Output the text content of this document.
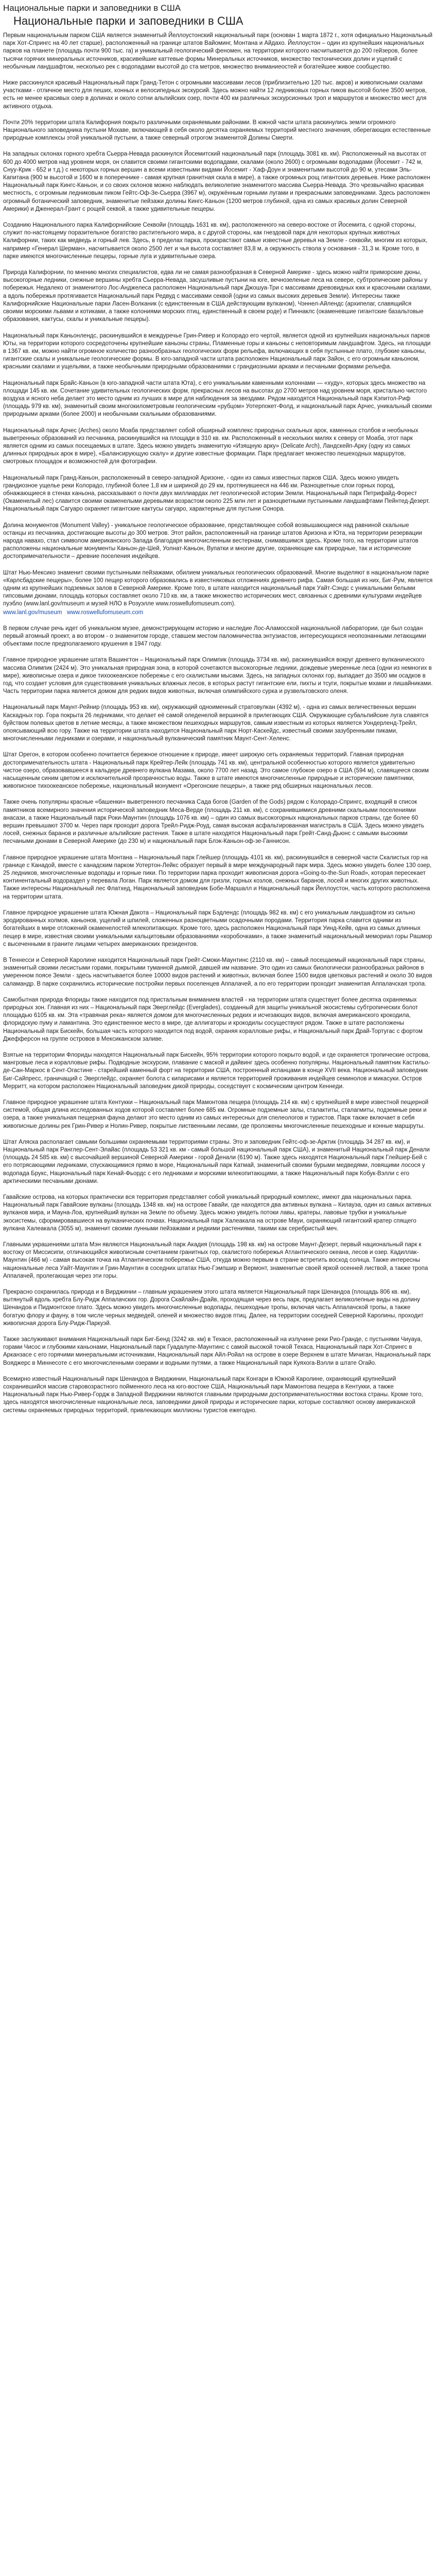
Национальные парки и заповедники в США
Национальные парки и заповедники в США

Первым национальным парком США является знаменитый Йеллоустонский национальный парк (основан 1 марта 1872 г., хотя официально Национальный парк Хот-Спрингс на 40 лет старше), расположенный на границе штатов Вайоминг, Монтана и Айдахо. Йеллоустон – один из крупнейших национальных парков на планете (площадь почти 900 тыс. га) и уникальный геологический феномен, на территории которого насчитывается до 200 гейзеров, более тысячи горячих минеральных источников, красивейшие каттевые формы Минеральных источников, множество тектонических долин и ущелий с необычным ландшафтом, несколько рек с водопадами высотой до ста метров, множество вниманиеостей и богатейшее живое сообщество.

Ниже расскинулся красивый Национальный парк Гранд-Тетон с огромными массивами лесов (приблизительно 120 тыс. акров) и живописными скалами участками - отличное место для пеших, конных и велосипедных экскурсий. Здесь можно найти 12 ледниковых горных пиков высотой более 3500 метров, есть не менее красивых озер в долинах и около сотни альпийских озер, почти 400 км различных экскурсионных троп и маршрутов и множество мест для активного отдыха.

Почти 20% территории штата Калифорния покрыто различными охраняемыми районами. В южной части штата раскинулись земли огромного Национального заповедника пустыни Мохаве, включающей в себя около десятка охраняемых территорий местного значения, оберегающих естественные природные комплексы этой уникальной пустыни, а также северный отрогом знаменитой Долины Смерти.

На западных склонах горного хребта Сьерра-Невада раскинулся Йосемитский национальный парк (площадь 3081 кв. км). Расположенный на высотах от 600 до 4000 метров над уровнем моря, он славится своими гигантскими водопадами, скалами (около 2600) с огромными водопадами (Йосемит - 742 м, Снуу-Крик - 652 и т.д.) с некоторых горных вершин а всеми известными видами Йосемит - Хаф-Доун и знаменитыми высотой до 90 м, утесами Эль-Капитана (900 м высотой и 1600 м в поперечнике - самая крупная гранитная скала в мире), а также огромных рощ гигантских деревьев. Ниже расположен Национальный парк Кингс-Каньон, и со своих склонов можно наблюдать великолепие знаменитого массива Сьерра-Невада. Это чрезвычайно красивая местность, с огромным ледниковым пиком Гейтс-Оф-Зе-Сьерра (3967 м), окружённым горными лугами и прекрасными заповедниками. Здесь расположен огромный ботанический заповедник, знаменитые пейзажи долины Кингс-Каньон (1200 метров глубиной, одна из самых красивых долин Северной Америки) и Дженерал-Грант с рощей секвой, а также удивительные пещеры.

Созданию Национального парка Калифорнийские Секвойи (площадь 1631 кв. км), расположенного на северо-востоке от Йосемита, с одной стороны, служит по-настоящему поразительное богатство растительного мира, а с другой стороны, как гнездовой парк для некоторых крупных животных Калифорнии, таких как медведь и горный лев. Здесь, в пределах парка, произрастают самые известные деревья на Земле - секвойи, многим из которых, например «Генерал Шерман», насчитывается около 2500 лет и чья высота составляет 83,8 м, а окружность ствола у основания - 31,3 м. Кроме того, в парке имеются многочисленные пещеры, горные луга и удивительные озера.

Природа Калифорнии, по мнению многих специалистов, едва ли не самая разнообразная в Северной Америке - здесь можно найти приморские дюны, высокогорные ледники, снежные вершины хребта Сьерра-Невада, засушливые пустыни на юге, вечнозеленые леса на севере, субтропические районы у побережья. Недалеко от знаменитого Лос-Анджелеса расположен Национальный парк Джошуа-Три с массивами древовидных юкк и красочными скалами, а вдоль побережья протягивается Национальный парк Редвуд с массивами секвой (одни из самых высоких деревьев Земли). Интересны также Калифорнийские Национальные парки Ласен-Волканик (с единственным в США действующим вулканом), Чэннел-Айлендс (архипелаг, славящийся своими морскими львами и котиками, а также колониями морских птиц, единственный в своем роде) и Пиннаклс (окаменевшие гигантские базальтовые образования, кактусы, скалы и уникальные пещеры).

Национальный парк Каньонлендс, раскинувшийся в междуречье Грин-Ривер и Колорадо его чертой, является одной из крупнейших национальных парков Юты, на территории которого сосредоточены крупнейшие каньоны страны, Пламенные горы и каньоны с неповторимым ландшафтом. Здесь, на площади в 1367 кв. км, можно найти огромное количество разнообразных геологических форм рельефа, включающих в себя пустынные плато, глубокие каньоны, гигантские скалы и уникальные геологические формы. В юго-западной части штата расположен Национальный парк Зайон, с его огромным каньоном, красными скалами и ущельями, а также необычными природными образованиями с грандиозными арками и песчаными формами рельефа.

Национальный парк Брайс-Каньон (в юго-западной части штата Юта), с его уникальными каменными колоннами — «худу», которых здесь множество на площади 145 кв. км. Сочетание удивительных геологических форм, прекрасных лесов на высотах до 2700 метров над уровнем моря, кристально чистого воздуха и ясного неба делает это место одним из лучших в мире для наблюдения за звездами. Рядом находятся Национальный парк Кэпитол-Риф (площадь 979 кв. км), знаменитый своим многокилометровым геологическим «рубцом» Уотерпокет-Фолд, и национальный парк Арчес, уникальный своими природными арками (более 2000) и необычными скальными образованиями.

Национальный парк Арчес (Arches) около Моаба представляет собой обширный комплекс природных скальных арок, каменных столбов и необычных выветренных образований из песчаника, раскинувшийся на площади в 310 кв. км. Расположенный в нескольких милях к северу от Моаба, этот парк является одним из самых посещаемых в штате. Здесь можно увидеть знаменитую «Изящную арку» (Delicate Arch), Ландскейп-Арку (одну из самых длинных природных арок в мире), «Балансирующую скалу» и другие известные формации. Парк предлагает множество пешеходных маршрутов, смотровых площадок и возможностей для фотографии.

Национальный парк Гранд-Каньон, расположенный в северо-западной Аризоне, - один из самых известных парков США. Здесь можно увидеть грандиозное ущелье реки Колорадо, глубиной более 1,8 км и шириной до 29 км, протянувшееся на 446 км. Разноцветные слои горных пород, обнажающиеся в стенах каньона, рассказывают о почти двух миллиардах лет геологической истории Земли. Национальный парк Петрифайд-Форест (Окаменелый лес) славится своими окаменелыми деревьями возрастом около 225 млн лет и разноцветными пустынными ландшафтами Пейнтед-Дезерт. Национальный парк Сагуаро охраняет гигантские кактусы сагуаро, характерные для пустыни Сонора.

Долина монументов (Monument Valley) - уникальное геологическое образование, представляющее собой возвышающиеся над равниной скальные останцы из песчаника, достигающие высоты до 300 метров. Этот район, расположенный на границе штатов Аризона и Юта, на территории резервации народа навахо, стал символом американского Запада благодаря многочисленным вестернам, снимавшимся здесь. Кроме того, на территории штатов расположены национальные монументы Каньон-де-Шей, Уолнат-Каньон, Вупатки и многие другие, охраняющие как природные, так и исторические достопримечательности – древние поселения индейцев.

Штат Нью-Мексико знаменит своими пустынными пейзажами, обилием уникальных геологических образований. Многие выделяют в национальном парке «Карлсбадские пещеры», более 100 пещер которого образовались в известняковых отложениях древнего рифа. Самая большая из них, Биг-Рум, является одним из крупнейших подземных залов в Северной Америке. Кроме того, в штате находится национальный парк Уайт-Сэндс с уникальными белыми гипсовыми дюнами, площадь которых составляет около 710 кв. км, а также множество исторических мест, связанных с древними культурами индейцев пуэбло (www.lanl.gov/museum и музей НЛО в Розуэлле www.roswellufomuseum.com).

www.lanl.gov/museum www.roswellufomuseum.com

В первом случае речь идет об уникальном музее, демонстрирующем историю и наследие Лос-Аламосской национальной лаборатории, где был создан первый атомный проект, а во втором - о знаменитом городе, ставшем местом паломничества энтузиастов, интересующихся неопознанными летающими объектами после предполагаемого крушения в 1947 году.

Главное природное украшение штата Вашингтон – Национальный парк Олимпик (площадь 3734 кв. км), раскинувшийся вокруг древнего вулканического массива Олимпик (2424 м). Это уникальная природная зона, в которой сочетаются высокогорные ледники, дождевые умеренные леса (одни из немногих в мире), живописные озера и дикое тихоокеанское побережье с его скалистыми мысами. Здесь, на западных склонах гор, выпадает до 3500 мм осадков в год, что создает условия для существования уникальных влажных лесов, в которых растут гигантские ели, пихты и тсуги, покрытые мхами и лишайниками. Часть территории парка является домом для редких видов животных, включая олимпийского сурка и рузвельтовского оленя.

Национальный парк Маунт-Рейнир (площадь 953 кв. км), окружающий одноименный стратовулкан (4392 м), - одна из самых величественных вершин Каскадных гор. Гора покрыта 26 ледниками, что делает её самой оледенелой вершиной в прилегающих США. Окружающие субальпийские луга славятся буйством полевых цветов в летние месяцы, а также множеством пешеходных маршрутов, самым известным из которых является Уондерленд-Трейл, опоясывающий всю гору. Также на территории штата находится Национальный парк Норт-Каскейдс, известный своими зазубренными пиками, многочисленными ледниками и озерами, и национальный вулканический памятник Маунт-Сент-Хеленс.

Штат Орегон, в котором особенно почитается бережное отношение к природе, имеет широкую сеть охраняемых территорий. Главная природная достопримечательность штата - Национальный парк Крейтер-Лейк (площадь 741 кв. км), центральной особенностью которого является удивительно чистое озеро, образовавшееся в кальдере древнего вулкана Мазама, около 7700 лет назад. Это самое глубокое озеро в США (594 м), славящееся своим насыщенным синим цветом и исключительной прозрачностью воды. Также в штате имеются многочисленные природные и исторические памятники, живописное тихоокеанское побережье, национальный монумент «Орегонские пещеры», а также ряд обширных национальных лесов.

Также очень популярны красные «башенки» выветренного песчаника Сада богов (Garden of the Gods) рядом с Колорадо-Спрингс, входящий в список памятников всемирного значения исторической заповедник Меса-Верде (площадь 211 кв. км), с сохранившимися древними скальными поселениями анасази, а также Национальный парк Роки-Маунтин (площадь 1076 кв. км) – один из самых высокогорных национальных парков страны, где более 60 вершин превышают 3700 м. Через парк проходит дорога Трейл-Ридж-Роуд, самая высокая асфальтированная магистраль в США. Здесь можно увидеть лосей, снежных баранов и различные альпийские растения. Также в штате находятся Национальный парк Грейт-Санд-Дьюнс с самыми высокими песчаными дюнами в Северной Америке (до 230 м) и национальный парк Блэк-Каньон-оф-зе-Ганнисон.

Главное природное украшение штата Монтана – Национальный парк Глейшер (площадь 4101 кв. км), раскинувшийся в северной части Скалистых гор на границе с Канадой, вместе с канадским парком Уотертон-Лейкс образует первый в мире международный парк мира. Здесь можно увидеть более 130 озер, 25 ледников, многочисленные водопады и горные пики. По территории парка проходит живописная дорога «Going-to-the-Sun Road», которая пересекает континентальный водораздел у перевала Логан. Парк является домом для гризли, горных козлов, снежных баранов, лосей и многих других животных. Также интересны Национальный лес Флатхед, Национальный заповедник Бобе-Маршалл и Национальный парк Йеллоустон, часть которого расположена на территории штата.

Главное природное украшение штата Южная Дакота – Национальный парк Бэдлендс (площадь 982 кв. км) с его уникальным ландшафтом из сильно эродированных холмов, каньонов, ущелий и шпилей, сложенных разноцветными осадочными породами. Территория парка славится одними из богатейших в мире отложений окаменелостей млекопитающих. Кроме того, здесь расположен Национальный парк Уинд-Кейв, одна из самых длинных пещер в мире, известная своими уникальными кальцитовыми образованиями «коробочками», а также знаменитый национальный мемориал горы Рашмор с высеченными в граните лицами четырех американских президентов.

В Теннесси и Северной Каролине находится Национальный парк Грейт-Смоки-Маунтинс (2110 кв. км) – самый посещаемый национальный парк страны, знаменитый своими лесистыми горами, покрытыми туманной дымкой, давшей им название. Это один из самых биологически разнообразных районов в умеренном поясе Земли - здесь насчитывается более 10000 видов растений и животных, включая более 1500 видов цветковых растений и около 30 видов саламандр. В парке сохранились исторические постройки первых поселенцев Аппалачей, а по его территории проходит знаменитая Аппалачская тропа.

Самобытная природа Флориды также находится под пристальным вниманием властей - на территории штата существует более десятка охраняемых природных зон. Главная из них – Национальный парк Эверглейдс (Everglades), созданный для защиты уникальной экосистемы субтропических болот площадью 6105 кв. км. Эта «травяная река» является домом для многочисленных редких и исчезающих видов, включая американского крокодила, флоридскую пуму и ламантина. Это единственное место в мире, где аллигаторы и крокодилы сосуществуют рядом. Также в штате расположены Национальный парк Бискейн, большая часть которого находится под водой, охраняя коралловые рифы, и Национальный парк Драй-Тортугас с фортом Джефферсон на группе островов в Мексиканском заливе.

Взятые на территории Флориды находятся Национальный парк Бискейн, 95% территории которого покрыто водой, и где охраняется тропические острова, мангровые леса и коралловые рифы. Подводные экскурсии, плавание с маской и дайвинг здесь особенно популярны. Национальный памятник Кастильо-де-Сан-Маркос в Сент-Огастине - старейший каменный форт на территории США, построенный испанцами в конце XVII века. Национальный заповедник Биг-Сайпресс, граничащий с Эверглейдс, охраняет болота с кипарисами и является территорией проживания индейцев семинолов и микасуки. Остров Мерритт, на котором расположен Национальный заповедник дикой природы, соседствует с космическим центром Кеннеди.

Главное природное украшение штата Кентукки – Национальный парк Мамонтова пещера (площадь 214 кв. км) с крупнейшей в мире известной пещерной системой, общая длина исследованных ходов которой составляет более 685 км. Огромные подземные залы, сталактиты, сталагмиты, подземные реки и озера, а также уникальная пещерная фауна делают это место одним из самых интересных для спелеологов и туристов. Парк также включает в себя живописные долины рек Грин-Ривер и Нолин-Ривер, покрытые лиственными лесами, где проложены многочисленные пешеходные и конные маршруты.

Штат Аляска располагает самыми большими охраняемыми территориями страны. Это и заповедник Гейтс-оф-зе-Арктик (площадь 34 287 кв. км), и Национальный парк Ранглер-Сент-Элайас (площадь 53 321 кв. км - самый большой национальный парк США), и знаменитый Национальный парк Денали (площадь 24 585 кв. км) с высочайшей вершиной Северной Америки - горой Денали (6190 м). Также здесь находятся Национальный парк Глейшер-Бей с его потрясающими ледниками, спускающимися прямо в море, Национальный парк Катмай, знаменитый своими бурыми медведями, ловящими лосося у водопада Брукс, Национальный парк Кенай-Фьордс с его ледниками и морскими млекопитающими, а также Национальный парк Кобук-Вэлли с его арктическими песчаными дюнами.

Гавайские острова, на которых практически вся территория представляет собой уникальный природный комплекс, имеют два национальных парка. Национальный парк Гавайские вулканы (площадь 1348 кв. км) на острове Гавайи, где находятся два активных вулкана – Килауэа, один из самых активных вулканов мира, и Мауна-Лоа, крупнейший вулкан на Земле по объему. Здесь можно увидеть потоки лавы, кратеры, лавовые трубки и уникальные экосистемы, сформировавшиеся на вулканических почвах. Национальный парк Халеакала на острове Мауи, охраняющий гигантский кратер спящего вулкана Халеакала (3055 м), знаменит своими лунными пейзажами и редкими растениями, такими как серебристый меч.

Главными украшениями штата Мэн являются Национальный парк Акадия (площадь 198 кв. км) на острове Маунт-Дезерт, первый национальный парк к востоку от Миссисипи, отличающийся живописным сочетанием гранитных гор, скалистого побережья Атлантического океана, лесов и озер. Кадиллак-Маунтин (466 м) - самая высокая точка на Атлантическом побережье США, откуда можно первым в стране встретить восход солнца. Также интересны национальные леса Уайт-Маунтин и Грин-Маунтин в соседних штатах Нью-Гэмпшир и Вермонт, знаменитые своей яркой осенней листвой, а также тропа Аппалачей, пролегающая через эти горы.

Прекрасно сохранилась природа и в Вирджинии – главным украшением этого штата является Национальный парк Шенандоа (площадь 806 кв. км), вытянутый вдоль хребта Блу-Ридж Аппалачских гор. Дорога Скайлайн-Драйв, проходящая через весь парк, предлагает великолепные виды на долину Шенандоа и Пидмонтское плато. Здесь можно увидеть многочисленные водопады, пешеходные тропы, включая часть Аппалачской тропы, а также богатую флору и фауну, в том числе черных медведей, оленей и множество видов птиц. Далее, на территории соседней Северной Каролины, проходит живописная дорога Блу-Ридж-Паркуэй.

Также заслуживают внимания Национальный парк Биг-Бенд (3242 кв. км) в Техасе, расположенный на излучине реки Рио-Гранде, с пустынями Чиуауа, горами Чисос и глубокими каньонами, Национальный парк Гуадалупе-Маунтинс с самой высокой точкой Техаса, Национальный парк Хот-Спрингс в Арканзасе с его горячими минеральными источниками, Национальный парк Айл-Ройал на острове в озере Верхнем в штате Мичиган, Национальный парк Вояджерс в Миннесоте с его многочисленными озерами и водными путями, а также Национальный парк Куяхога-Вэлли в штате Огайо.

Всемирно известный Национальный парк Шенандоа в Вирджинии, Национальный парк Конгари в Южной Каролине, охраняющий крупнейший сохранившийся массив старовозрастного пойменного леса на юго-востоке США, Национальный парк Мамонтова пещера в Кентукки, а также Национальный парк Нью-Ривер-Гордж в Западной Вирджинии являются главными природными достопримечательностями востока страны. Кроме того, здесь находятся многочисленные национальные леса, заповедники дикой природы и исторические парки, которые составляют основу американской системы охраняемых природных территорий, привлекающих миллионы туристов ежегодно.
